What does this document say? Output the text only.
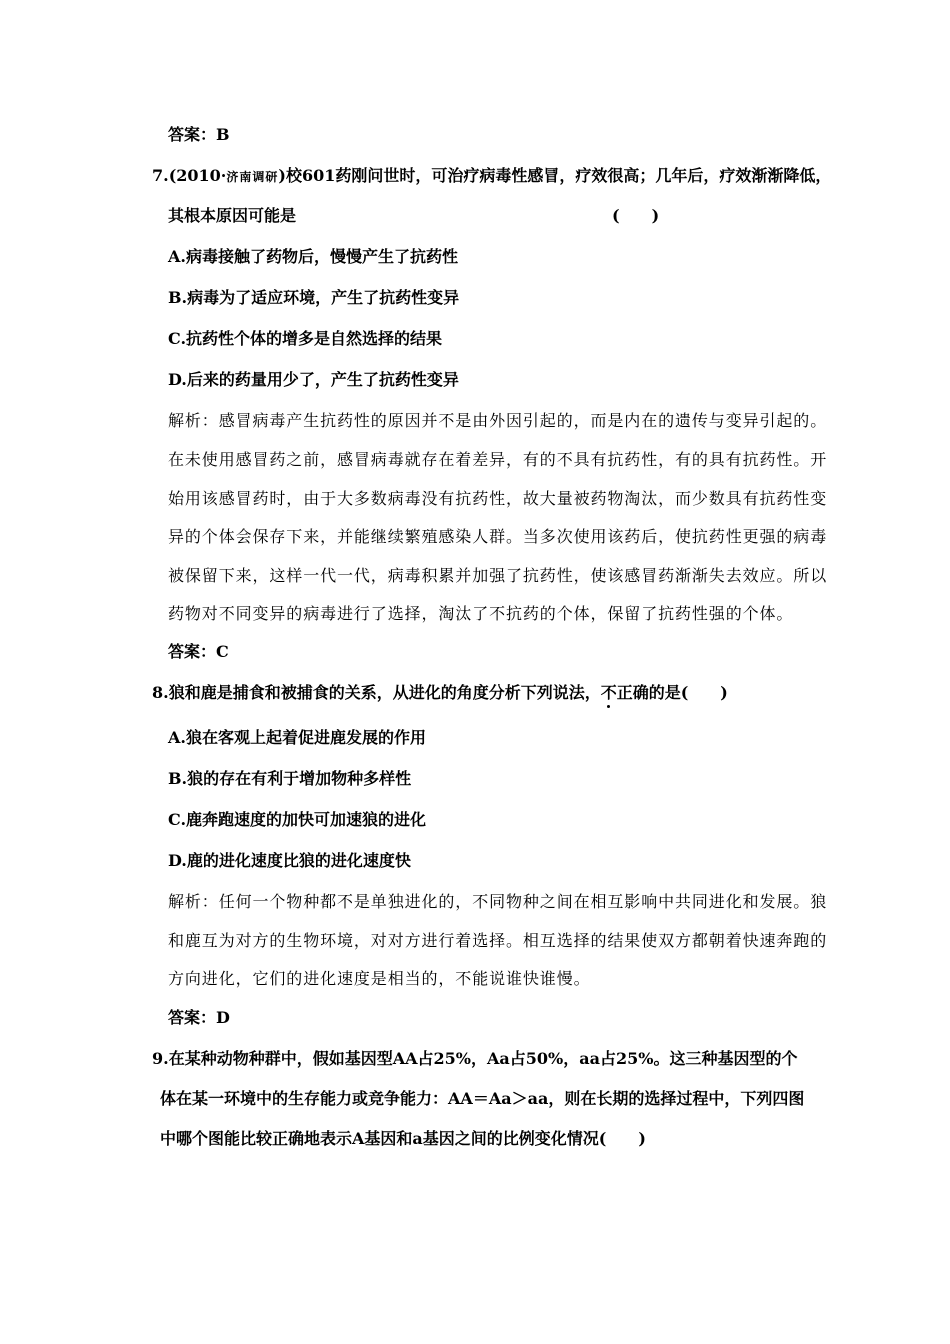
答案：B
7.(2010·济南调研)校601药刚问世时，可治疗病毒性感冒，疗效很高；几年后，疗效渐渐降低，
其根本原因可能是	(　　)
A.病毒接触了药物后，慢慢产生了抗药性
B.病毒为了适应环境，产生了抗药性变异
C.抗药性个体的增多是自然选择的结果
D.后来的药量用少了，产生了抗药性变异
解析：感冒病毒产生抗药性的原因并不是由外因引起的，而是内在的遗传与变异引起的。
在未使用感冒药之前，感冒病毒就存在着差异，有的不具有抗药性，有的具有抗药性。开
始用该感冒药时，由于大多数病毒没有抗药性，故大量被药物淘汰，而少数具有抗药性变
异的个体会保存下来，并能继续繁殖感染人群。当多次使用该药后，使抗药性更强的病毒
被保留下来，这样一代一代，病毒积累并加强了抗药性，使该感冒药渐渐失去效应。所以
药物对不同变异的病毒进行了选择，淘汰了不抗药的个体，保留了抗药性强的个体。
答案：C
8.狼和鹿是捕食和被捕食的关系，从进化的角度分析下列说法，不正确的是(　　)
A.狼在客观上起着促进鹿发展的作用
B.狼的存在有利于增加物种多样性
C.鹿奔跑速度的加快可加速狼的进化
D.鹿的进化速度比狼的进化速度快
解析：任何一个物种都不是单独进化的，不同物种之间在相互影响中共同进化和发展。狼
和鹿互为对方的生物环境，对对方进行着选择。相互选择的结果使双方都朝着快速奔跑的
方向进化，它们的进化速度是相当的，不能说谁快谁慢。
答案：D
9.在某种动物种群中，假如基因型AA占25%，Aa占50%，aa占25%。这三种基因型的个
体在某一环境中的生存能力或竞争能力：AA＝Aa＞aa，则在长期的选择过程中，下列四图
中哪个图能比较正确地表示A基因和a基因之间的比例变化情况(　　)
